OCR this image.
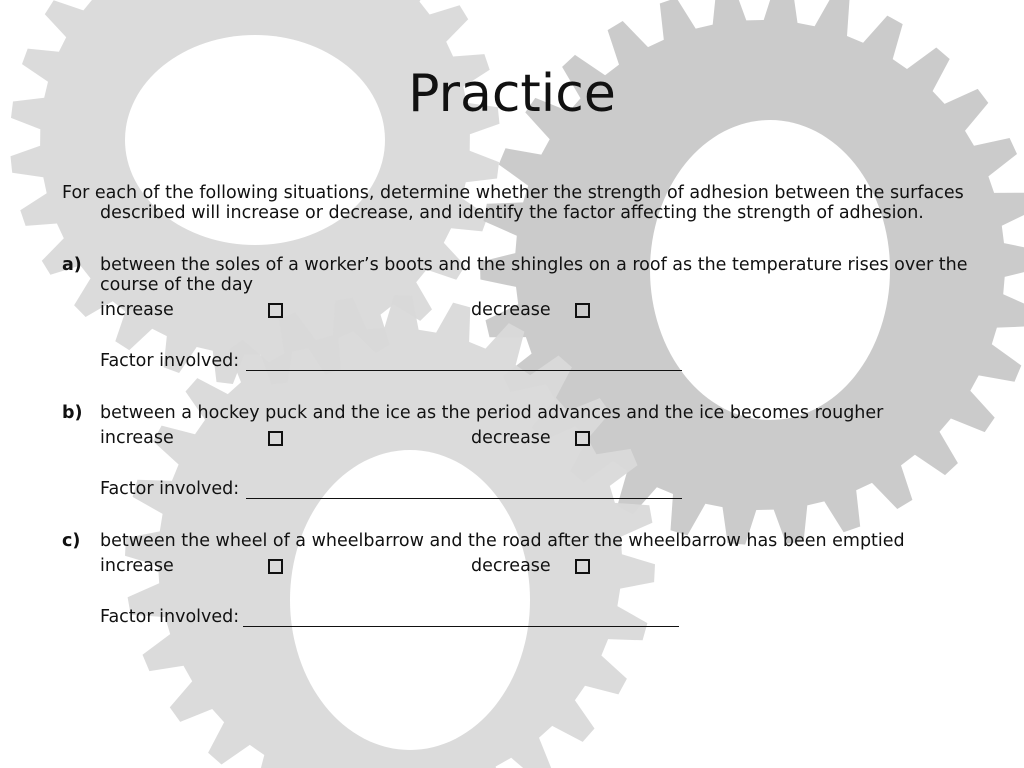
Practice
For each of the following situations, determine whether the strength of adhesion between the surfaces
described will increase or decrease, and identify the factor affecting the strength of adhesion.
a) between the soles of a worker’s boots and the shingles on a roof as the temperature rises over the
course of the day
increase	decrease
Factor involved:
b) between a hockey puck and the ice as the period advances and the ice becomes rougher
increase	decrease
Factor involved:
c) between the wheel of a wheelbarrow and the road after the wheelbarrow has been emptied
increase	decrease
Factor involved:
